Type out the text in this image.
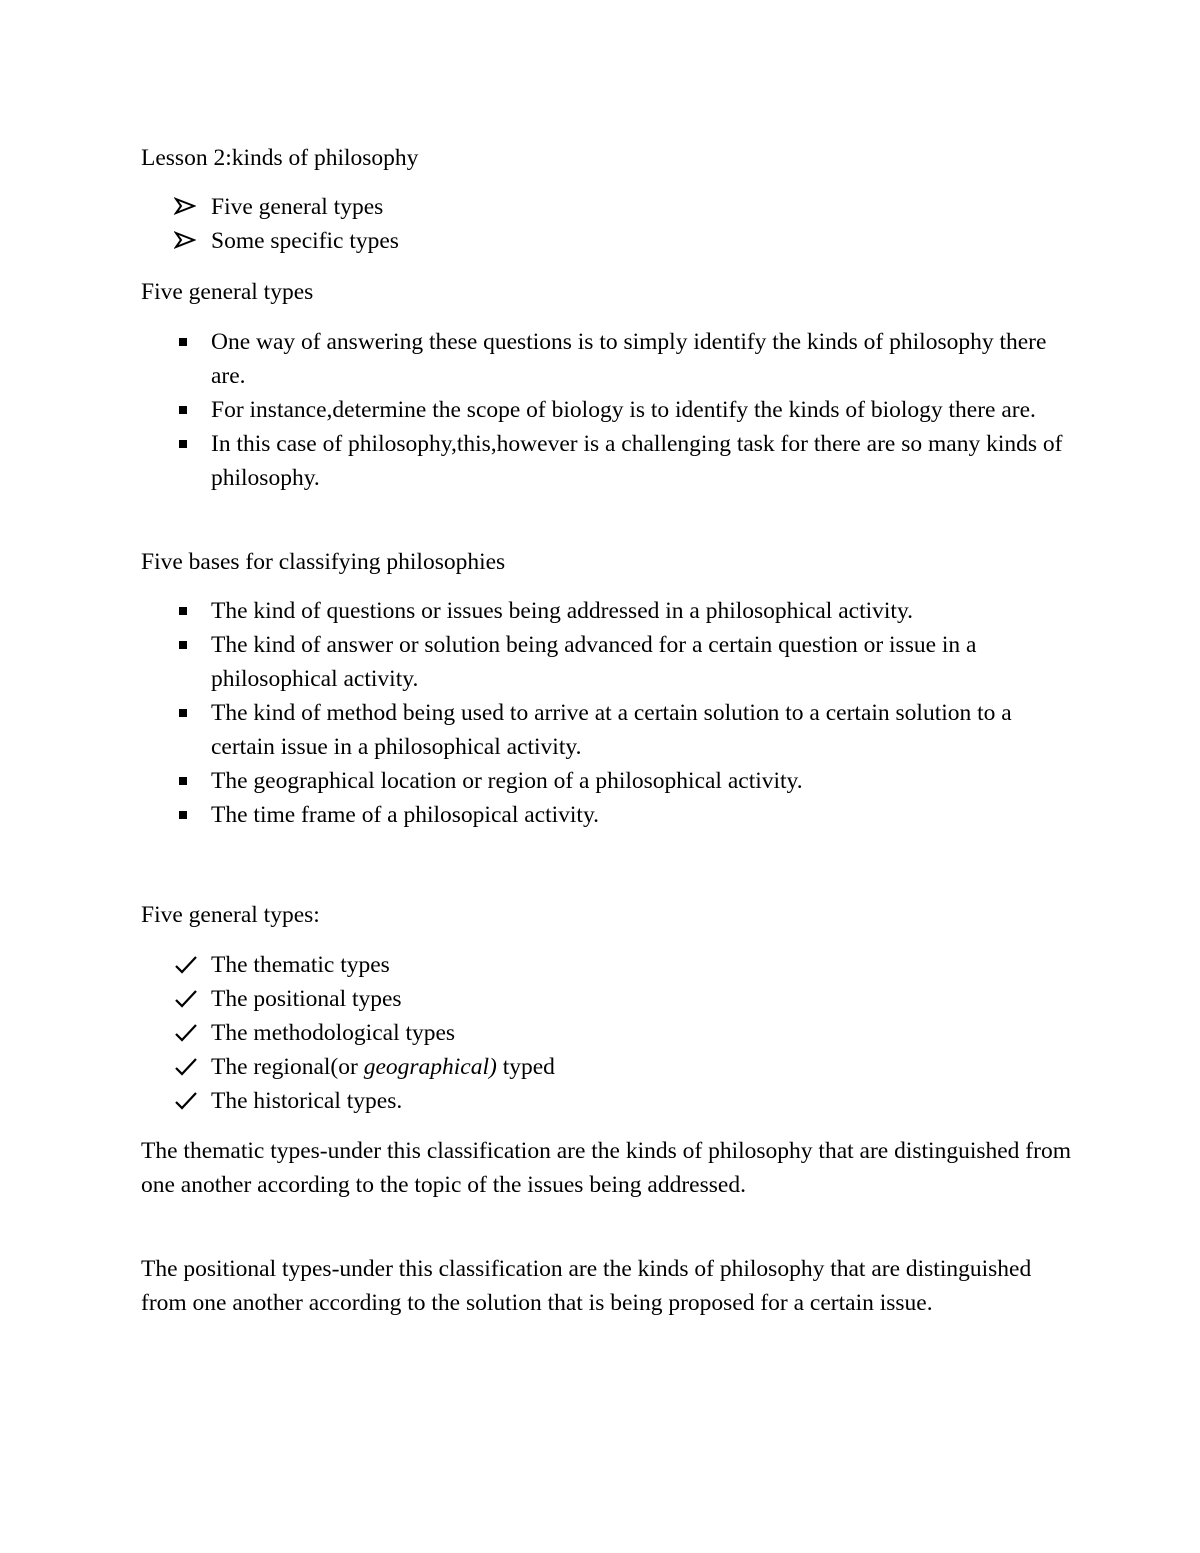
Lesson 2:kinds of philosophy

Five general types
Some specific types

Five general types

One way of answering these questions is to simply identify the kinds of philosophy there are.
For instance,determine the scope of biology is to identify the kinds of biology there are.
In this case of philosophy,this,however is a challenging task for there are so many kinds of philosophy.

Five bases for classifying philosophies

The kind of questions or issues being addressed in a philosophical activity.
The kind of answer or solution being advanced for a certain question or issue in a philosophical activity.
The kind of method being used to arrive at a certain solution to a certain solution to a certain issue in a philosophical activity.
The geographical location or region of a philosophical activity.
The time frame of a philosopical activity.

Five general types:

The thematic types
The positional types
The methodological types
The regional(or geographical) typed
The historical types.

The thematic types-under this classification are the kinds of philosophy that are distinguished from one another according to the topic of the issues being addressed.

The positional types-under this classification are the kinds of philosophy that are distinguished from one another according to the solution that is being proposed for a certain issue.
